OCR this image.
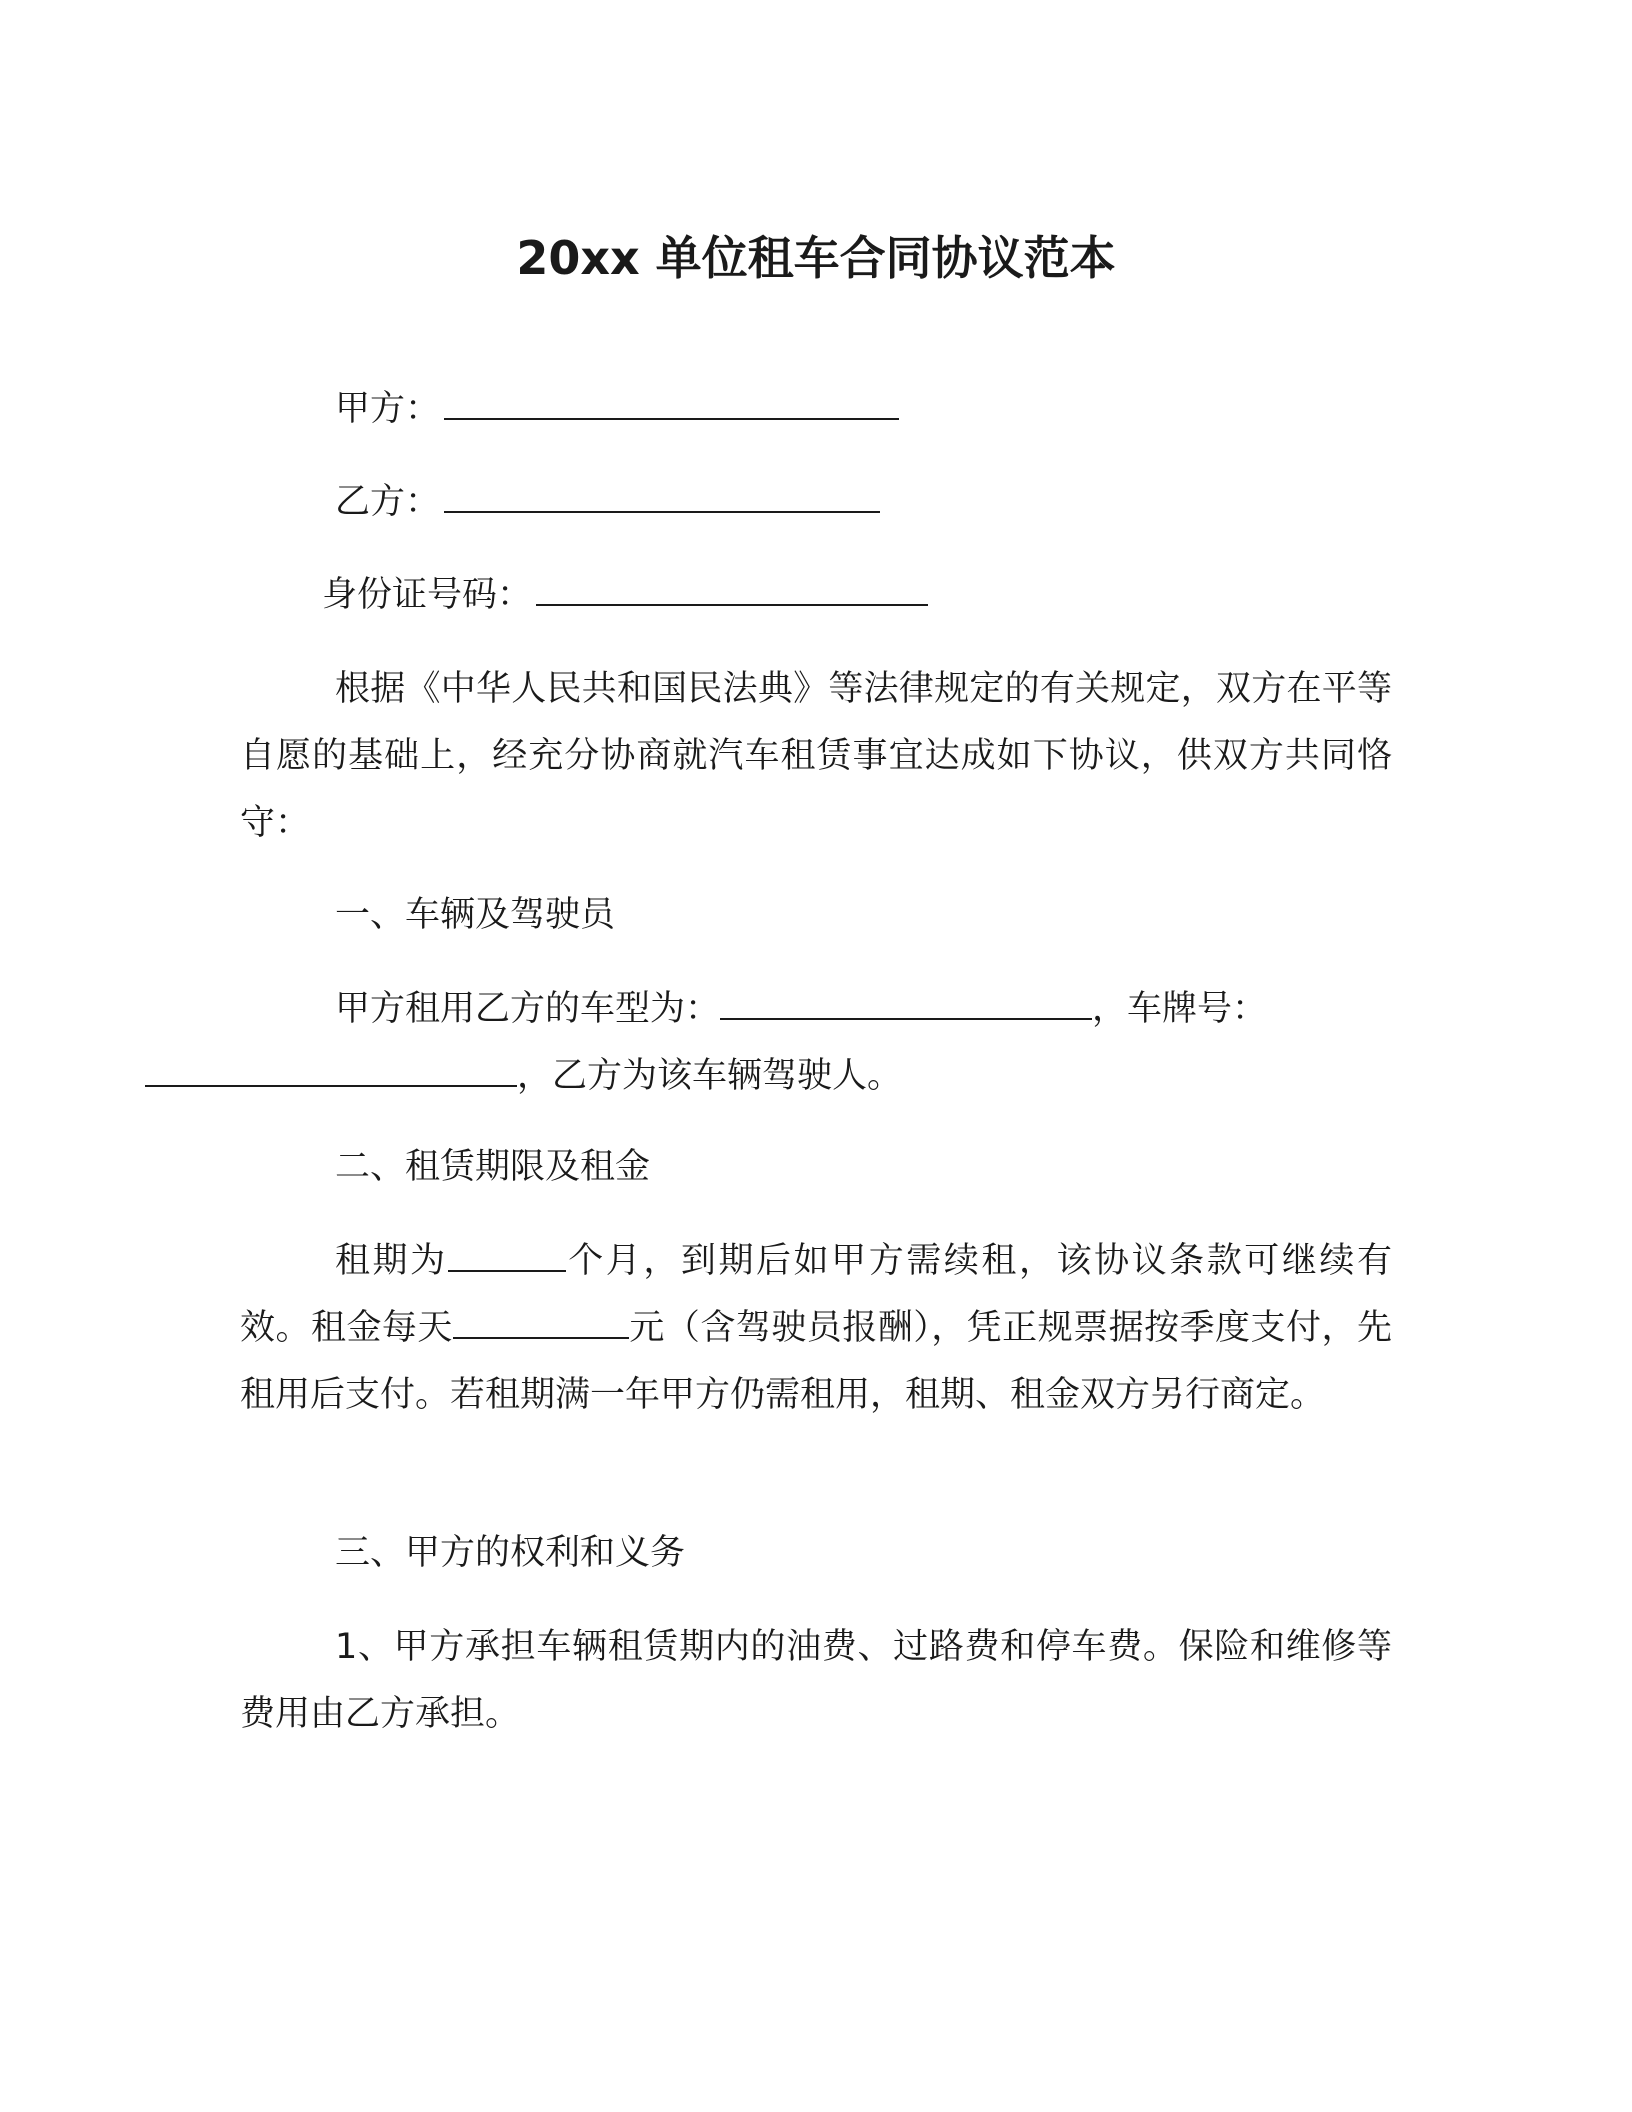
20xx 单位租车合同协议范本

甲方：

乙方：

身份证号码：

根据《中华人民共和国民法典》等法律规定的有关规定，双方在平等自愿的基础上，经充分协商就汽车租赁事宜达成如下协议，供双方共同恪守：

一、车辆及驾驶员

甲方租用乙方的车型为：	，车牌号：
，乙方为该车辆驾驶人。

二、租赁期限及租金

租期为	个月，到期后如甲方需续租，该协议条款可继续有效。租金每天	元（含驾驶员报酬），凭正规票据按季度支付，先租用后支付。若租期满一年甲方仍需租用，租期、租金双方另行商定。

三、甲方的权利和义务

1、甲方承担车辆租赁期内的油费、过路费和停车费。保险和维修等费用由乙方承担。
